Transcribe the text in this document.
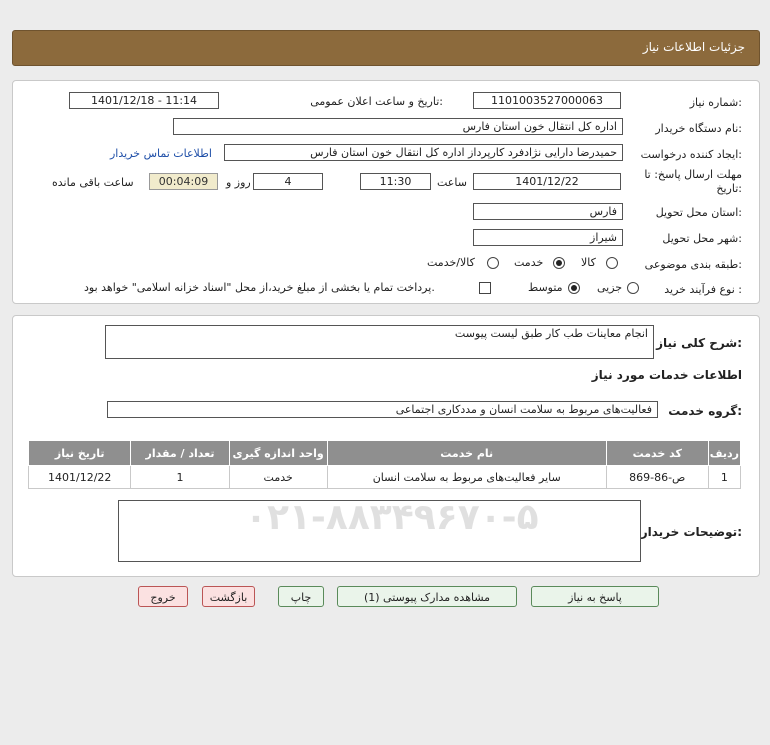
جزئیات اطلاعات نیاز
شماره نیاز:
1101003527000063
تاریخ و ساعت اعلان عمومی:
1401/12/18 - 11:14
نام دستگاه خریدار:
اداره کل انتقال خون استان فارس
ایجاد کننده درخواست:
حمیدرضا دارایی نژادفرد کارپرداز اداره کل انتقال خون استان فارس
اطلاعات تماس خریدار
مهلت ارسال پاسخ: تا
تاریخ:
1401/12/22
ساعت
11:30
4
روز و
00:04:09
ساعت باقی مانده
استان محل تحویل:
فارس
شهر محل تحویل:
شیراز
طبقه بندی موضوعی:
کالا
خدمت
کالا/خدمت
نوع فرآیند خرید :
جزیی
متوسط
پرداخت تمام یا بخشی از مبلغ خرید،از محل "اسناد خزانه اسلامی" خواهد بود.
شرح کلی نیاز:
انجام معاینات طب کار طبق لیست پیوست
اطلاعات خدمات مورد نیاز
گروه خدمت:
فعالیت‌های مربوط به سلامت انسان و مددکاری اجتماعی
ردیف	کد خدمت	نام خدمت	واحد اندازه گیری	تعداد / مقدار	تاریخ نیاز
1	ص-86-869	سایر فعالیت‌های مربوط به سلامت انسان	خدمت	1	1401/12/22
توضیحات خریدار:
۰۲۱-۸۸۳۴۹۶۷۰-۵
پاسخ به نیاز
مشاهده مدارک پیوستی (1)
چاپ
بازگشت
خروج
